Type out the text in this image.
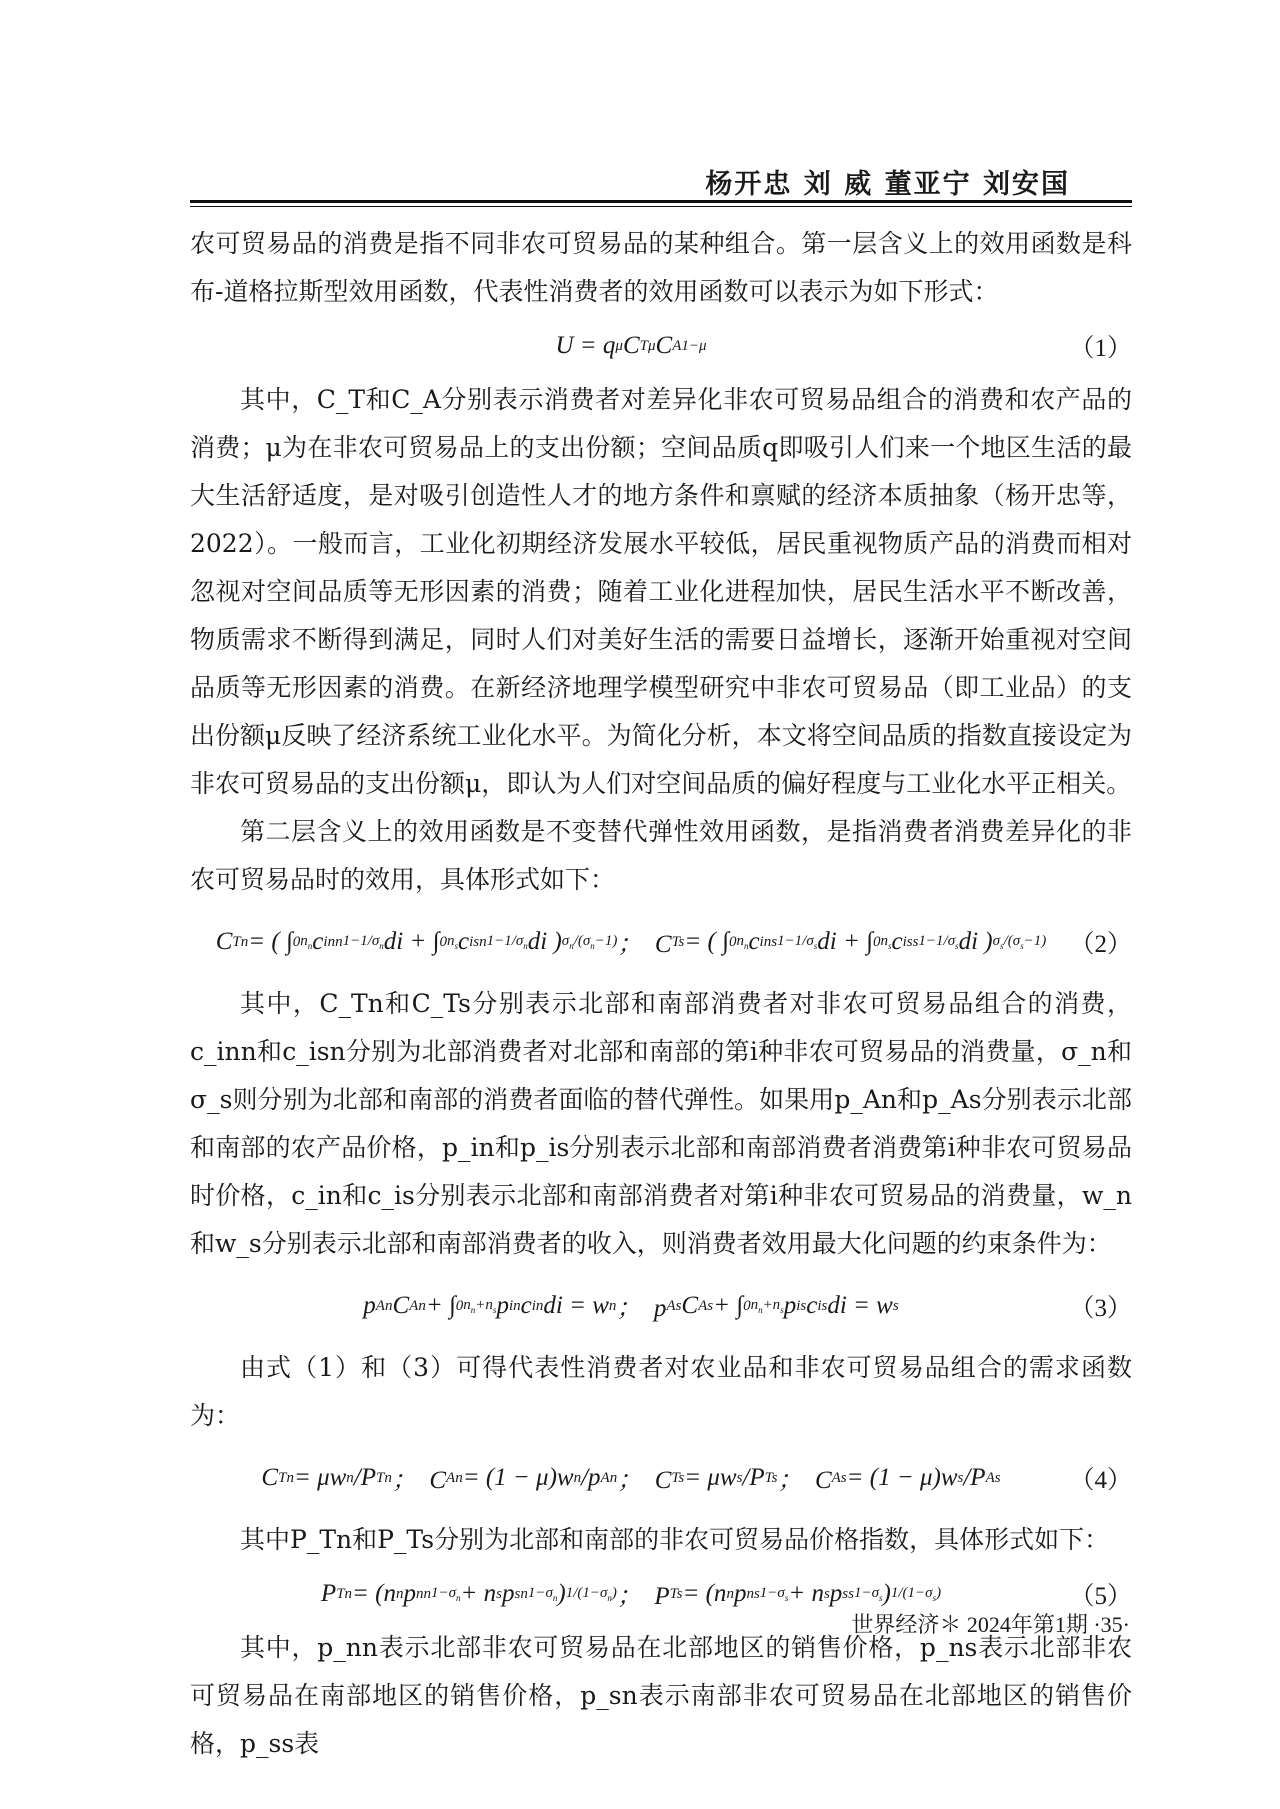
杨开忠 刘 威 董亚宁 刘安国

农可贸易品的消费是指不同非农可贸易品的某种组合。第一层含义上的效用函数是科布-道格拉斯型效用函数，代表性消费者的效用函数可以表示为如下形式：

U = q μ C T μ C A 1−μ	（1）

其中，C_T和C_A分别表示消费者对差异化非农可贸易品组合的消费和农产品的消费；μ为在非农可贸易品上的支出份额；空间品质q即吸引人们来一个地区生活的最大生活舒适度，是对吸引创造性人才的地方条件和禀赋的经济本质抽象（杨开忠等，2022）。一般而言，工业化初期经济发展水平较低，居民重视物质产品的消费而相对忽视对空间品质等无形因素的消费；随着工业化进程加快，居民生活水平不断改善，物质需求不断得到满足，同时人们对美好生活的需要日益增长，逐渐开始重视对空间品质等无形因素的消费。在新经济地理学模型研究中非农可贸易品（即工业品）的支出份额μ反映了经济系统工业化水平。为简化分析，本文将空间品质的指数直接设定为非农可贸易品的支出份额μ，即认为人们对空间品质的偏好程度与工业化水平正相关。

第二层含义上的效用函数是不变替代弹性效用函数，是指消费者消费差异化的非农可贸易品时的效用，具体形式如下：

C Tn = ( ∫ 0 $n_n$ c inn $1-1/\sigma_n$ di + ∫ 0 $n_s$ c isn $1-1/\sigma_n$ di ) $\sigma_n/(\sigma_n-1)$ ；  C Ts = ( ∫ 0 $n_n$ c ins $1-1/\sigma_s$ di + ∫ 0 $n_s$ c iss $1-1/\sigma_s$ di ) $\sigma_s/(\sigma_s-1)$ （2）

其中，C_Tn和C_Ts分别表示北部和南部消费者对非农可贸易品组合的消费，c_inn和c_isn分别为北部消费者对北部和南部的第i种非农可贸易品的消费量，σ_n和σ_s则分别为北部和南部的消费者面临的替代弹性。如果用p_An和p_As分别表示北部和南部的农产品价格，p_in和p_is分别表示北部和南部消费者消费第i种非农可贸易品时价格，c_in和c_is分别表示北部和南部消费者对第i种非农可贸易品的消费量，w_n和w_s分别表示北部和南部消费者的收入，则消费者效用最大化问题的约束条件为：

p An C An + ∫ 0 $n_n+n_s$ p in c in di = w n ；  p As C As + ∫ 0 $n_n+n_s$ p is c is di = w s	（3）

由式（1）和（3）可得代表性消费者对农业品和非农可贸易品组合的需求函数为：

C Tn = μw n /P Tn ；  C An = (1 − μ)w n /p An ；  C Ts = μw s /P Ts ；  C As = (1 − μ)w s /P As	（4）

其中P_Tn和P_Ts分别为北部和南部的非农可贸易品价格指数，具体形式如下：

P Tn = (n n p nn $1-\sigma_n + n$ s p sn $1-\sigma_n$ ) $1/(1-\sigma_n)$ ；  P Ts = (n n p ns $1-\sigma_s + n$ s p ss $1-\sigma_s$ ) $1/(1-\sigma_s)$	（5）

其中，p_nn表示北部非农可贸易品在北部地区的销售价格，p_ns表示北部非农可贸易品在南部地区的销售价格，p_sn表示南部非农可贸易品在北部地区的销售价格，p_ss表

世界经济＊ 2024年第1期 ·35·
